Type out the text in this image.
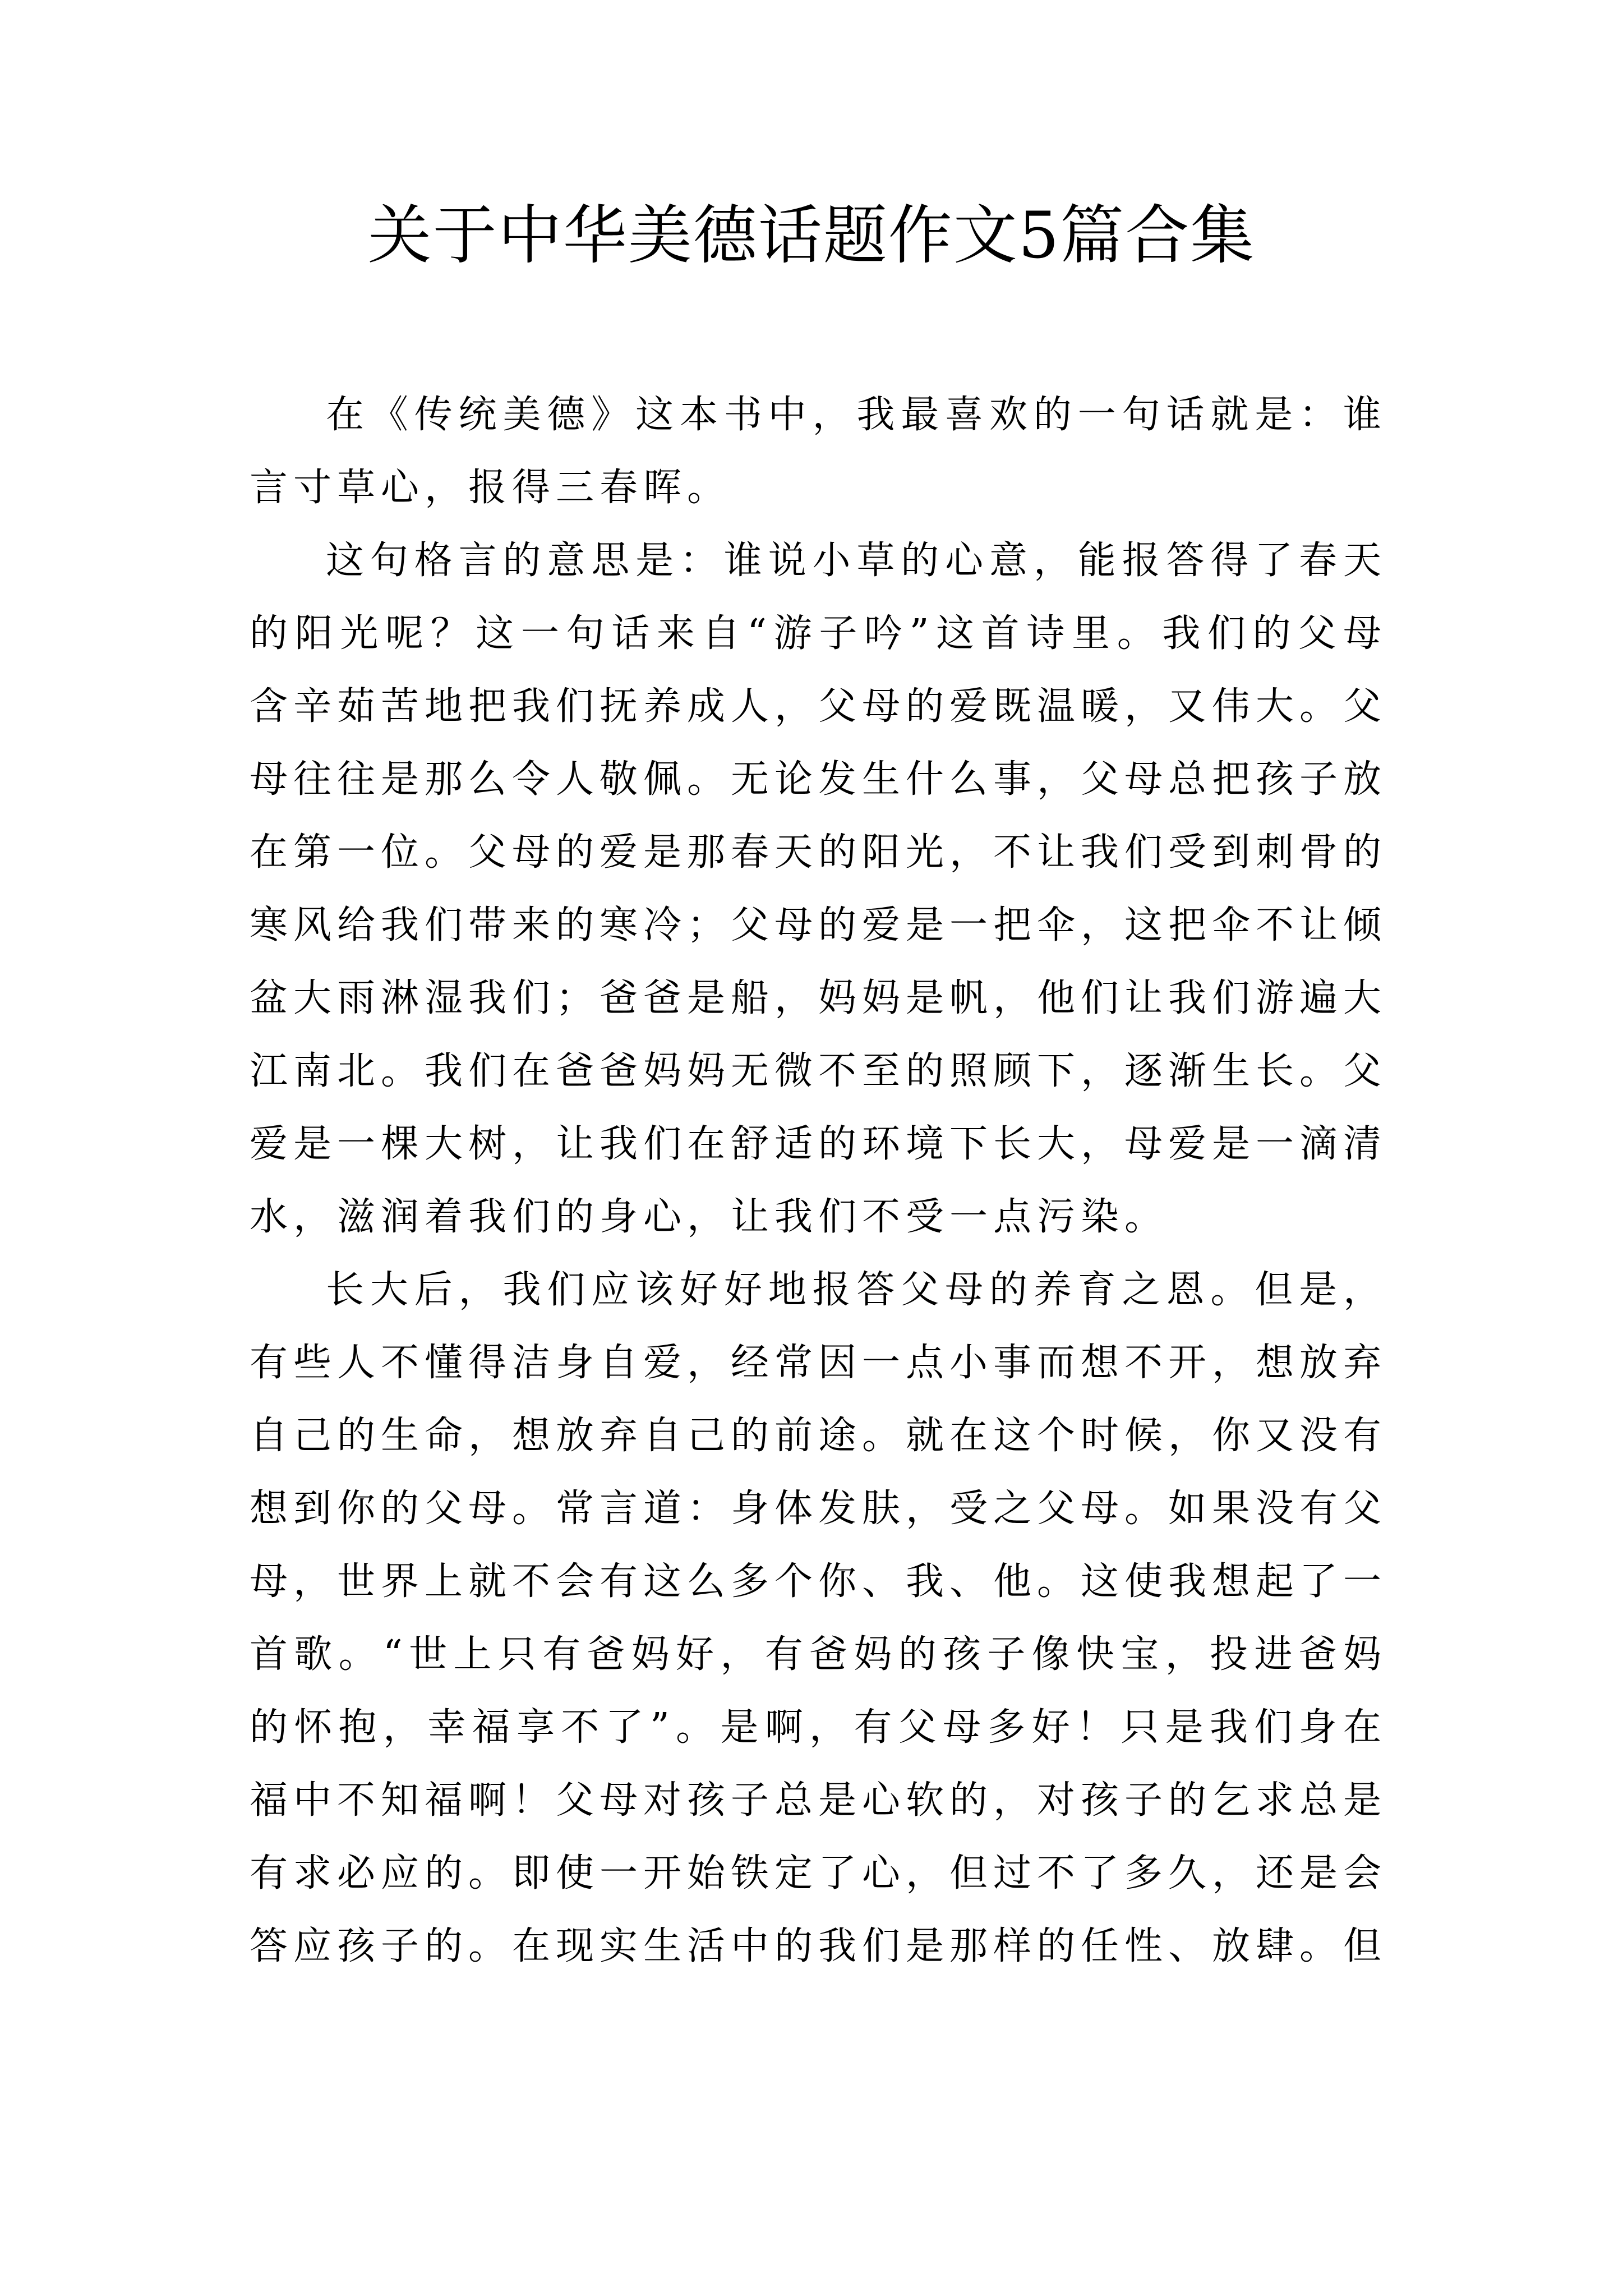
关于中华美德话题作文5篇合集

在《传统美德》这本书中，我最喜欢的一句话就是：谁言寸草心，报得三春晖。

这句格言的意思是：谁说小草的心意，能报答得了春天的阳光呢？这一句话来自“游子吟”这首诗里。我们的父母含辛茹苦地把我们抚养成人，父母的爱既温暖，又伟大。父母往往是那么令人敬佩。无论发生什么事，父母总把孩子放在第一位。父母的爱是那春天的阳光，不让我们受到刺骨的寒风给我们带来的寒冷；父母的爱是一把伞，这把伞不让倾盆大雨淋湿我们；爸爸是船，妈妈是帆，他们让我们游遍大江南北。我们在爸爸妈妈无微不至的照顾下，逐渐生长。父爱是一棵大树，让我们在舒适的环境下长大，母爱是一滴清水，滋润着我们的身心，让我们不受一点污染。

长大后，我们应该好好地报答父母的养育之恩。但是，有些人不懂得洁身自爱，经常因一点小事而想不开，想放弃自己的生命，想放弃自己的前途。就在这个时候，你又没有想到你的父母。常言道：身体发肤，受之父母。如果没有父母，世界上就不会有这么多个你、我、他。这使我想起了一首歌。“世上只有爸妈好，有爸妈的孩子像快宝，投进爸妈的怀抱，幸福享不了”。是啊，有父母多好！只是我们身在福中不知福啊！父母对孩子总是心软的，对孩子的乞求总是有求必应的。即使一开始铁定了心，但过不了多久，还是会答应孩子的。在现实生活中的我们是那样的任性、放肆。但
